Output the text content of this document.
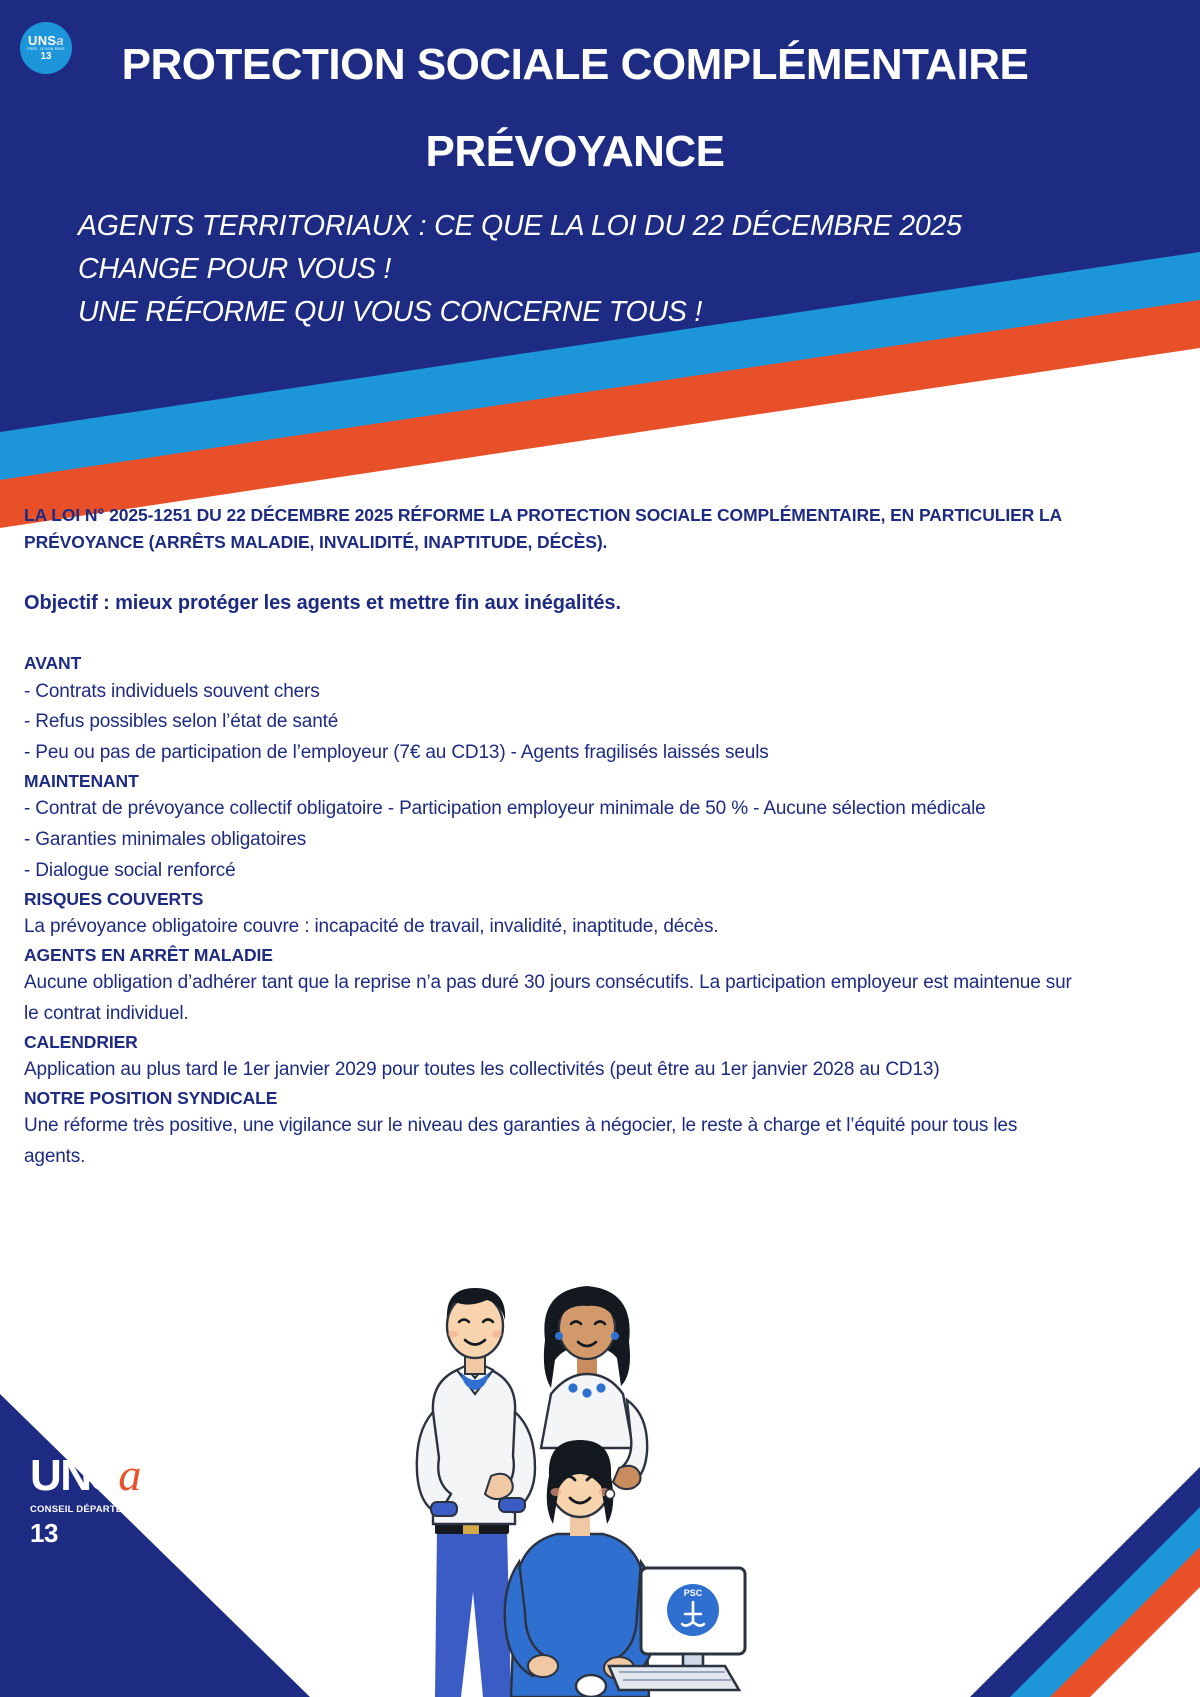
UNSa
PRÈS. LE BON SENS
13	PROTECTION SOCIALE COMPLÉMENTAIRE
PRÉVOYANCE
AGENTS TERRITORIAUX : CE QUE LA LOI DU 22 DÉCEMBRE 2025
CHANGE POUR VOUS !
UNE RÉFORME QUI VOUS CONCERNE TOUS !
LA LOI N° 2025-1251 DU 22 DÉCEMBRE 2025 RÉFORME LA PROTECTION SOCIALE COMPLÉMENTAIRE, EN PARTICULIER LA PRÉVOYANCE (ARRÊTS MALADIE, INVALIDITÉ, INAPTITUDE, DÉCÈS).
Objectif : mieux protéger les agents et mettre fin aux inégalités.
AVANT
- Contrats individuels souvent chers
- Refus possibles selon l’état de santé
- Peu ou pas de participation de l’employeur (7€ au CD13) - Agents fragilisés laissés seuls
MAINTENANT
- Contrat de prévoyance collectif obligatoire - Participation employeur minimale de 50 % - Aucune sélection médicale
- Garanties minimales obligatoires
- Dialogue social renforcé
RISQUES COUVERTS
La prévoyance obligatoire couvre : incapacité de travail, invalidité, inaptitude, décès.
AGENTS EN ARRÊT MALADIE
Aucune obligation d’adhérer tant que la reprise n’a pas duré 30 jours consécutifs. La participation employeur est maintenue sur le contrat individuel.
CALENDRIER
Application au plus tard le 1er janvier 2029 pour toutes les collectivités (peut être au 1er janvier 2028 au CD13)
NOTRE POSITION SYNDICALE
Une réforme très positive, une vigilance sur le niveau des garanties à négocier, le reste à charge et l’équité pour tous les agents.
PSC
UNSa
CONSEIL DÉPARTEMENTAL
13
